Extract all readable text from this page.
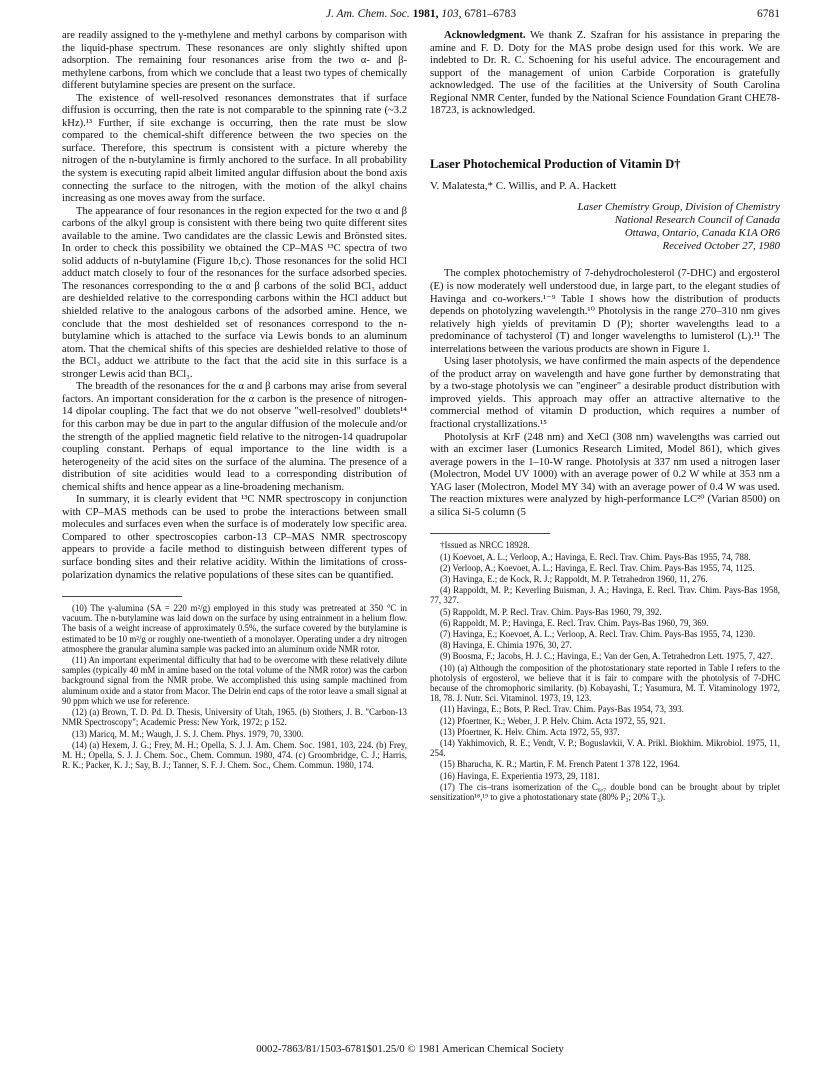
J. Am. Chem. Soc. 1981, 103, 6781–6783	6781

are readily assigned to the γ-methylene and methyl carbons by comparison with the liquid-phase spectrum. These resonances are only slightly shifted upon adsorption. The remaining four resonances arise from the two α- and β-methylene carbons, from which we conclude that a least two types of chemically different butylamine species are present on the surface.

The existence of well-resolved resonances demonstrates that if surface diffusion is occurring, then the rate is not comparable to the spinning rate (~3.2 kHz).¹³ Further, if site exchange is occurring, then the rate must be slow compared to the chemical-shift difference between the two species on the surface. Therefore, this spectrum is consistent with a picture whereby the nitrogen of the n-butylamine is firmly anchored to the surface. In all probability the system is executing rapid albeit limited angular diffusion about the bond axis connecting the surface to the nitrogen, with the motion of the alkyl chains increasing as one moves away from the surface.

The appearance of four resonances in the region expected for the two α and β carbons of the alkyl group is consistent with there being two quite different sites available to the amine. Two candidates are the classic Lewis and Brönsted sites. In order to check this possibility we obtained the CP–MAS ¹³C spectra of two solid adducts of n-butylamine (Figure 1b,c). Those resonances for the solid HCl adduct match closely to four of the resonances for the surface adsorbed species. The resonances corresponding to the α and β carbons of the solid BCl₃ adduct are deshielded relative to the corresponding carbons within the HCl adduct but shielded relative to the analogous carbons of the adsorbed amine. Hence, we conclude that the most deshielded set of resonances correspond to the n-butylamine which is attached to the surface via Lewis bonds to an aluminum atom. That the chemical shifts of this species are deshielded relative to those of the BCl₃ adduct we attribute to the fact that the acid site in this surface is a stronger Lewis acid than BCl₃.

The breadth of the resonances for the α and β carbons may arise from several factors. An important consideration for the α carbon is the presence of nitrogen-14 dipolar coupling. The fact that we do not observe "well-resolved" doublets¹⁴ for this carbon may be due in part to the angular diffusion of the molecule and/or the strength of the applied magnetic field relative to the nitrogen-14 quadrupolar coupling constant. Perhaps of equal importance to the line width is a heterogeneity of the acid sites on the surface of the alumina. The presence of a distribution of site acidities would lead to a corresponding distribution of chemical shifts and hence appear as a line-broadening mechanism.

In summary, it is clearly evident that ¹³C NMR spectroscopy in conjunction with CP–MAS methods can be used to probe the interactions between small molecules and surfaces even when the surface is of moderately low specific area. Compared to other spectroscopies carbon-13 CP–MAS NMR spectroscopy appears to provide a facile method to distinguish between different types of surface bonding sites and their relative acidity. Within the limitations of cross-polarization dynamics the relative populations of these sites can be quantified.

(10) The γ-alumina (SA = 220 m²/g) employed in this study was pretreated at 350 °C in vacuum. The n-butylamine was laid down on the surface by using entrainment in a helium flow. The basis of a weight increase of approximately 0.5%, the surface covered by the butylamine is estimated to be 10 m²/g or roughly one-twentieth of a monolayer. Operating under a dry nitrogen atmosphere the granular alumina sample was packed into an aluminum oxide NMR rotor.

(11) An important experimental difficulty that had to be overcome with these relatively dilute samples (typically 40 mM in amine based on the total volume of the NMR rotor) was the carbon background signal from the NMR probe. We accomplished this using sample machined from aluminum oxide and a stator from Macor. The Delrin end caps of the rotor leave a small signal at 90 ppm which we use for reference.

(12) (a) Brown, T. D. Pd. D. Thesis, University of Utah, 1965. (b) Stothers, J. B. "Carbon-13 NMR Spectroscopy"; Academic Press: New York, 1972; p 152.

(13) Maricq, M. M.; Waugh, J. S. J. Chem. Phys. 1979, 70, 3300.

(14) (a) Hexem, J. G.; Frey, M. H.; Opella, S. J. J. Am. Chem. Soc. 1981, 103, 224. (b) Frey, M. H.; Opella, S. J. J. Chem. Soc., Chem. Commun. 1980, 474. (c) Groombridge, C. J.; Harris, R. K.; Packer, K. J.; Say, B. J.; Tanner, S. F. J. Chem. Soc., Chem. Commun. 1980, 174.

Acknowledgment. We thank Z. Szafran for his assistance in preparing the amine and F. D. Doty for the MAS probe design used for this work. We are indebted to Dr. R. C. Schoening for his useful advice. The encouragement and support of the management of union Carbide Corporation is gratefully acknowledged. The use of the facilities at the University of South Carolina Regional NMR Center, funded by the National Science Foundation Grant CHE78-18723, is acknowledged.

Laser Photochemical Production of Vitamin D†
V. Malatesta,* C. Willis, and P. A. Hackett
Laser Chemistry Group, Division of Chemistry
National Research Council of Canada
Ottawa, Ontario, Canada K1A OR6
Received October 27, 1980

The complex photochemistry of 7-dehydrocholesterol (7-DHC) and ergosterol (E) is now moderately well understood due, in large part, to the elegant studies of Havinga and co-workers.¹⁻⁹ Table I shows how the distribution of products depends on photolyzing wavelength.¹⁰ Photolysis in the range 270–310 nm gives relatively high yields of previtamin D (P); shorter wavelengths lead to a predominance of tachysterol (T) and longer wavelengths to lumisterol (L).¹¹ The interrelations between the various products are shown in Figure 1.

Using laser photolysis, we have confirmed the main aspects of the dependence of the product array on wavelength and have gone further by demonstrating that by a two-stage photolysis we can "engineer" a desirable product distribution with improved yields. This approach may offer an attractive alternative to the commercial method of vitamin D production, which requires a number of fractional crystallizations.¹⁵

Photolysis at KrF (248 nm) and XeCl (308 nm) wavelengths was carried out with an excimer laser (Lumonics Research Limited, Model 861), which gives average powers in the 1–10-W range. Photolysis at 337 nm used a nitrogen laser (Molectron, Model UV 1000) with an average power of 0.2 W while at 353 nm a YAG laser (Molectron, Model MY 34) with an average power of 0.4 W was used. The reaction mixtures were analyzed by high-performance LC²⁰ (Varian 8500) on a silica Si-5 column (5

†Issued as NRCC 18928.

(1) Koevoet, A. L.; Verloop, A.; Havinga, E. Recl. Trav. Chim. Pays-Bas 1955, 74, 788.

(2) Verloop, A.; Koevoet, A. L.; Havinga, E. Recl. Trav. Chim. Pays-Bas 1955, 74, 1125.

(3) Havinga, E.; de Kock, R. J.; Rappoldt, M. P. Tetrahedron 1960, 11, 276.

(4) Rappoldt, M. P.; Keverling Buisman, J. A.; Havinga, E. Recl. Trav. Chim. Pays-Bas 1958, 77, 327.

(5) Rappoldt, M. P. Recl. Trav. Chim. Pays-Bas 1960, 79, 392.

(6) Rappoldt, M. P.; Havinga, E. Recl. Trav. Chim. Pays-Bas 1960, 79, 369.

(7) Havinga, E.; Koevoet, A. L.; Verloop, A. Recl. Trav. Chim. Pays-Bas 1955, 74, 1230.

(8) Havinga, E. Chimia 1976, 30, 27.

(9) Boosma, F.; Jacobs, H. J. C.; Havinga, E.; Van der Gen, A. Tetrahedron Lett. 1975, 7, 427.

(10) (a) Although the composition of the photostationary state reported in Table I refers to the photolysis of ergosterol, we believe that it is fair to compare with the photolysis of 7-DHC because of the chromophoric similarity. (b) Kobayashi, T.; Yasumura, M. T. Vitaminology 1972, 18, 78. J. Nutr. Sci. Vitaminol. 1973, 19, 123.

(11) Havinga, E.; Bots, P. Recl. Trav. Chim. Pays-Bas 1954, 73, 393.

(12) Pfoertner, K.; Weber, J. P. Helv. Chim. Acta 1972, 55, 921.

(13) Pfoertner, K. Helv. Chim. Acta 1972, 55, 937.

(14) Yakhimovich, R. E.; Vendt, V. P.; Boguslavkii, V. A. Prikl. Biokhim. Mikrobiol. 1975, 11, 254.

(15) Bharucha, K. R.; Martin, F. M. French Patent 1 378 122, 1964.

(16) Havinga, E. Experientia 1973, 29, 1181.

(17) The cis–trans isomerization of the C₆,₇ double bond can be brought about by triplet sensitization¹⁸,¹⁹ to give a photostationary state (80% P₃; 20% T₃).

0002-7863/81/1503-6781$01.25/0 © 1981 American Chemical Society
